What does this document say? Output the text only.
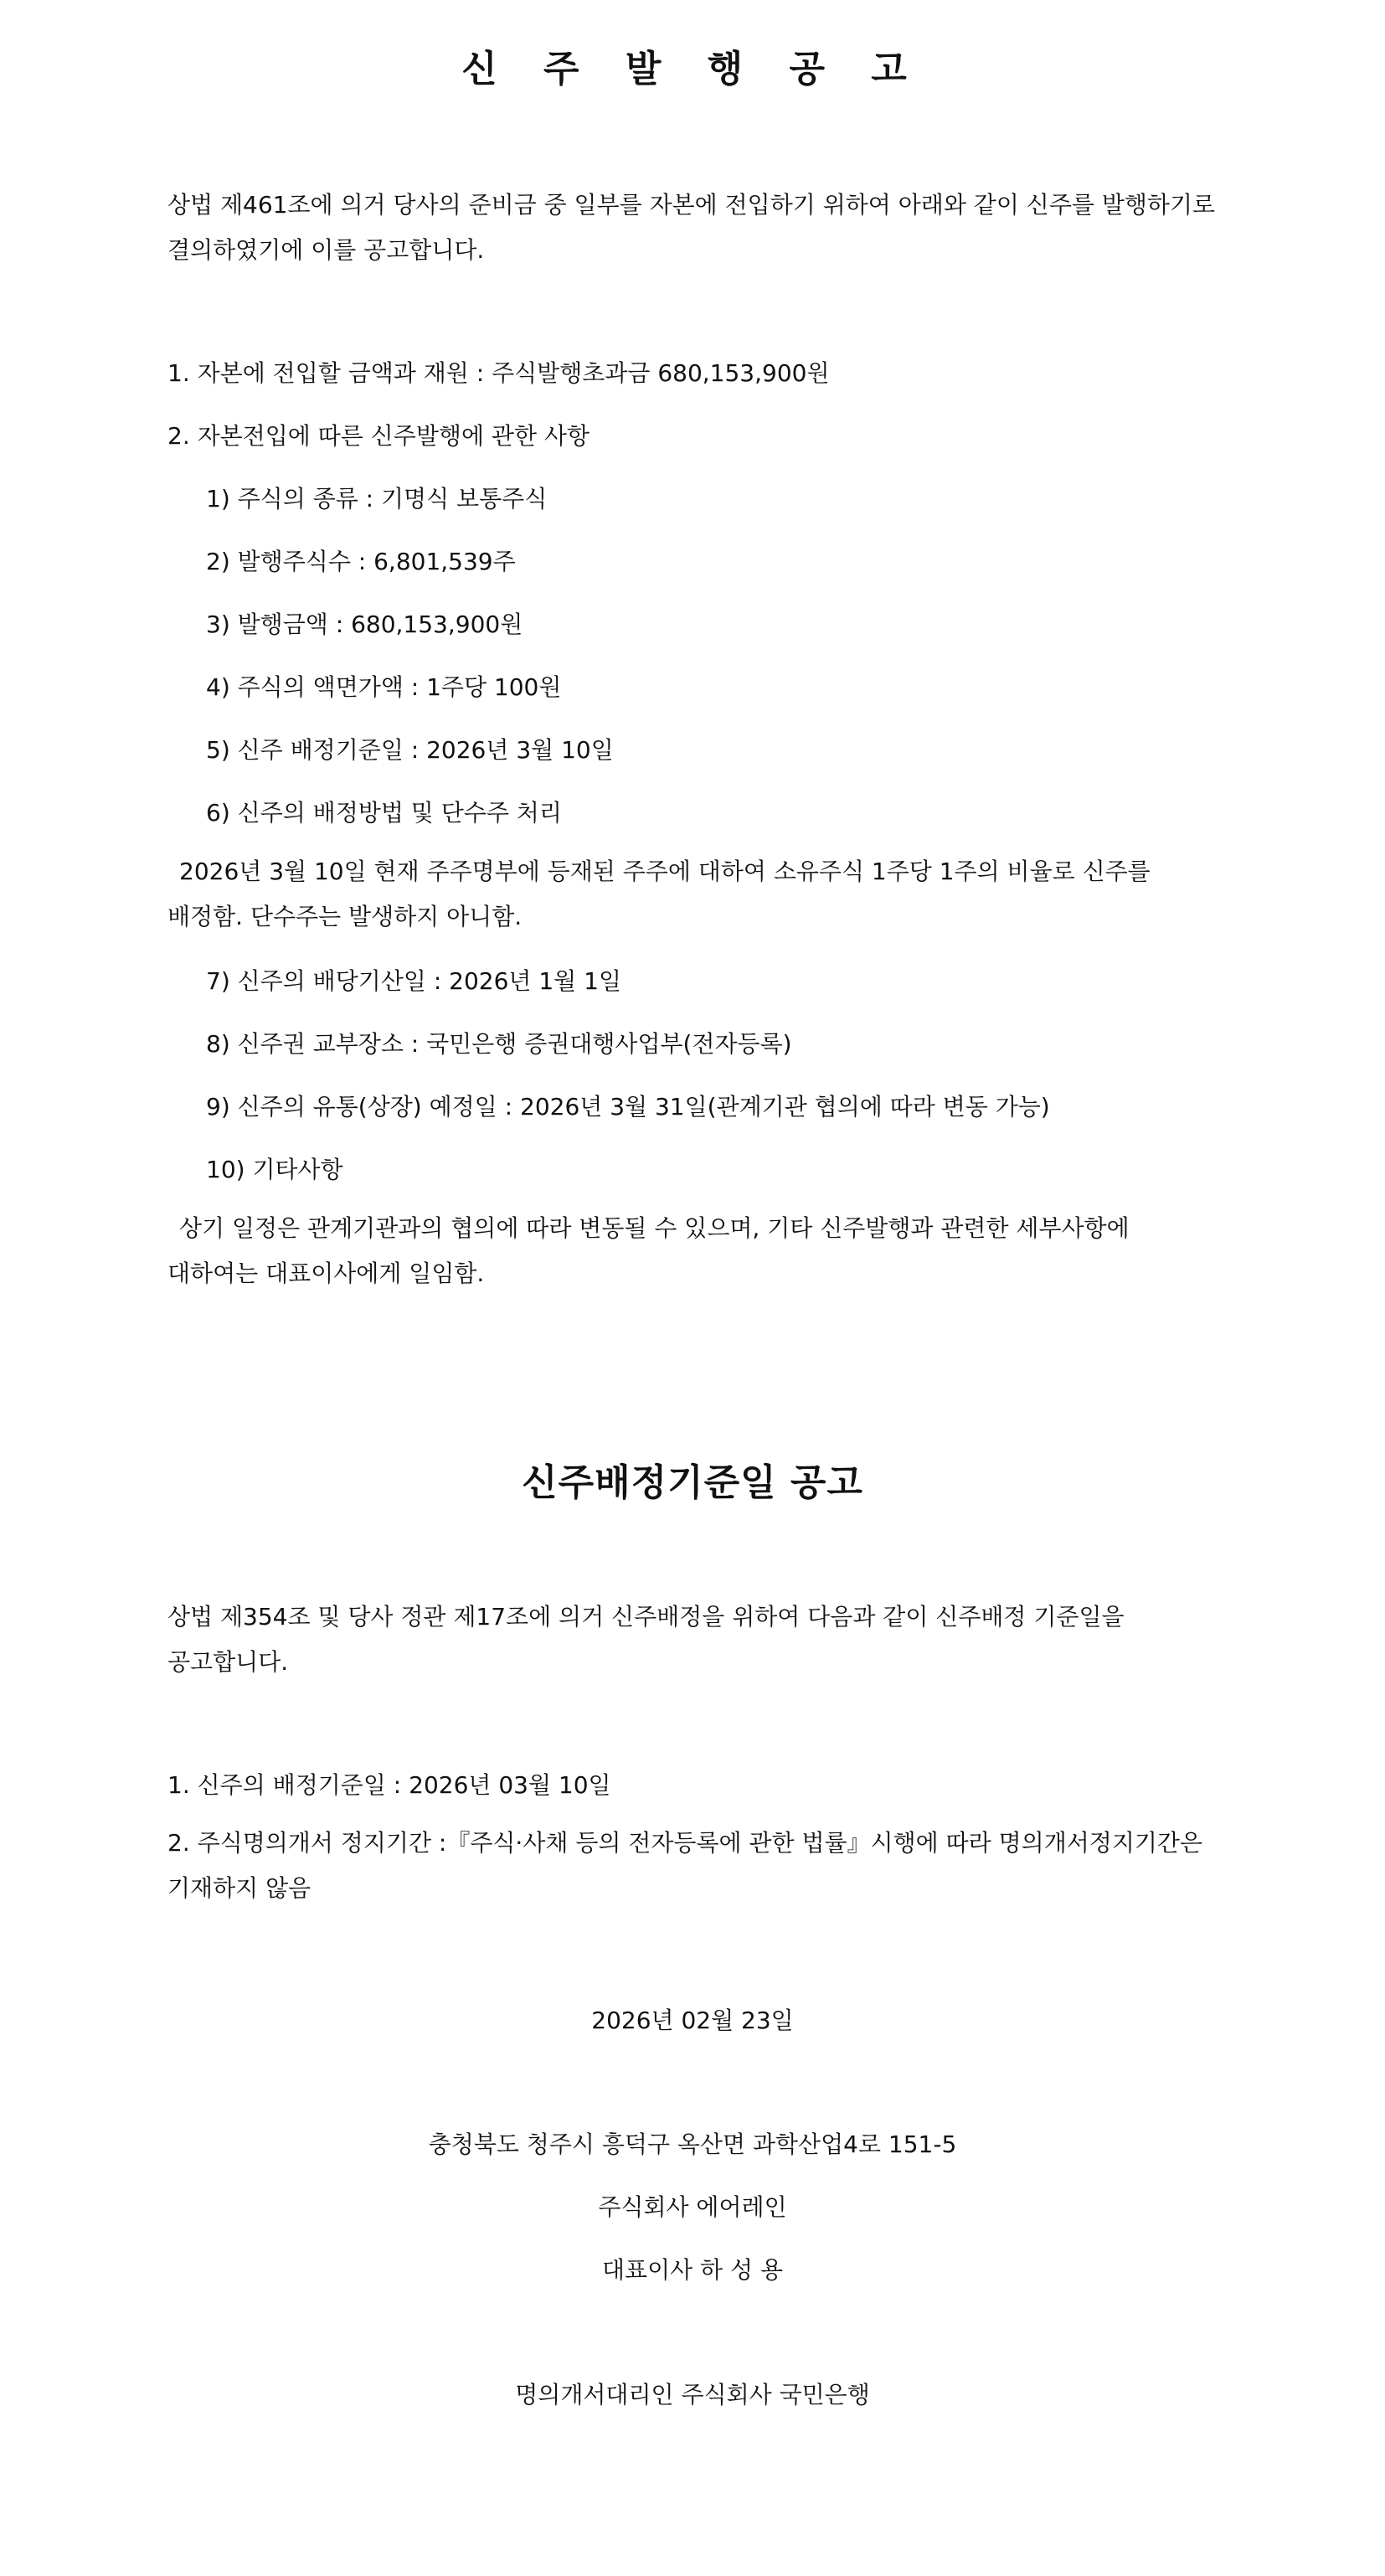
신 주 발 행 공 고

상법 제461조에 의거 당사의 준비금 중 일부를 자본에 전입하기 위하여 아래와 같이 신주를 발행하기로 결의하였기에 이를 공고합니다.

1. 자본에 전입할 금액과 재원 : 주식발행초과금 680,153,900원

2. 자본전입에 따른 신주발행에 관한 사항

1) 주식의 종류 : 기명식 보통주식

2) 발행주식수 : 6,801,539주

3) 발행금액 : 680,153,900원

4) 주식의 액면가액 : 1주당 100원

5) 신주 배정기준일 : 2026년 3월 10일

6) 신주의 배정방법 및 단수주 처리

2026년 3월 10일 현재 주주명부에 등재된 주주에 대하여 소유주식 1주당 1주의 비율로 신주를 배정함. 단수주는 발생하지 아니함.

7) 신주의 배당기산일 : 2026년 1월 1일

8) 신주권 교부장소 : 국민은행 증권대행사업부(전자등록)

9) 신주의 유통(상장) 예정일 : 2026년 3월 31일(관계기관 협의에 따라 변동 가능)

10) 기타사항

상기 일정은 관계기관과의 협의에 따라 변동될 수 있으며, 기타 신주발행과 관련한 세부사항에 대하여는 대표이사에게 일임함.

신주배정기준일 공고

상법 제354조 및 당사 정관 제17조에 의거 신주배정을 위하여 다음과 같이 신주배정 기준일을 공고합니다.

1. 신주의 배정기준일 : 2026년 03월 10일

2. 주식명의개서 정지기간 :『주식·사채 등의 전자등록에 관한 법률』시행에 따라 명의개서정지기간은 기재하지 않음

2026년 02월 23일

충청북도 청주시 흥덕구 옥산면 과학산업4로 151-5

주식회사 에어레인

대표이사 하 성 용

명의개서대리인 주식회사 국민은행
